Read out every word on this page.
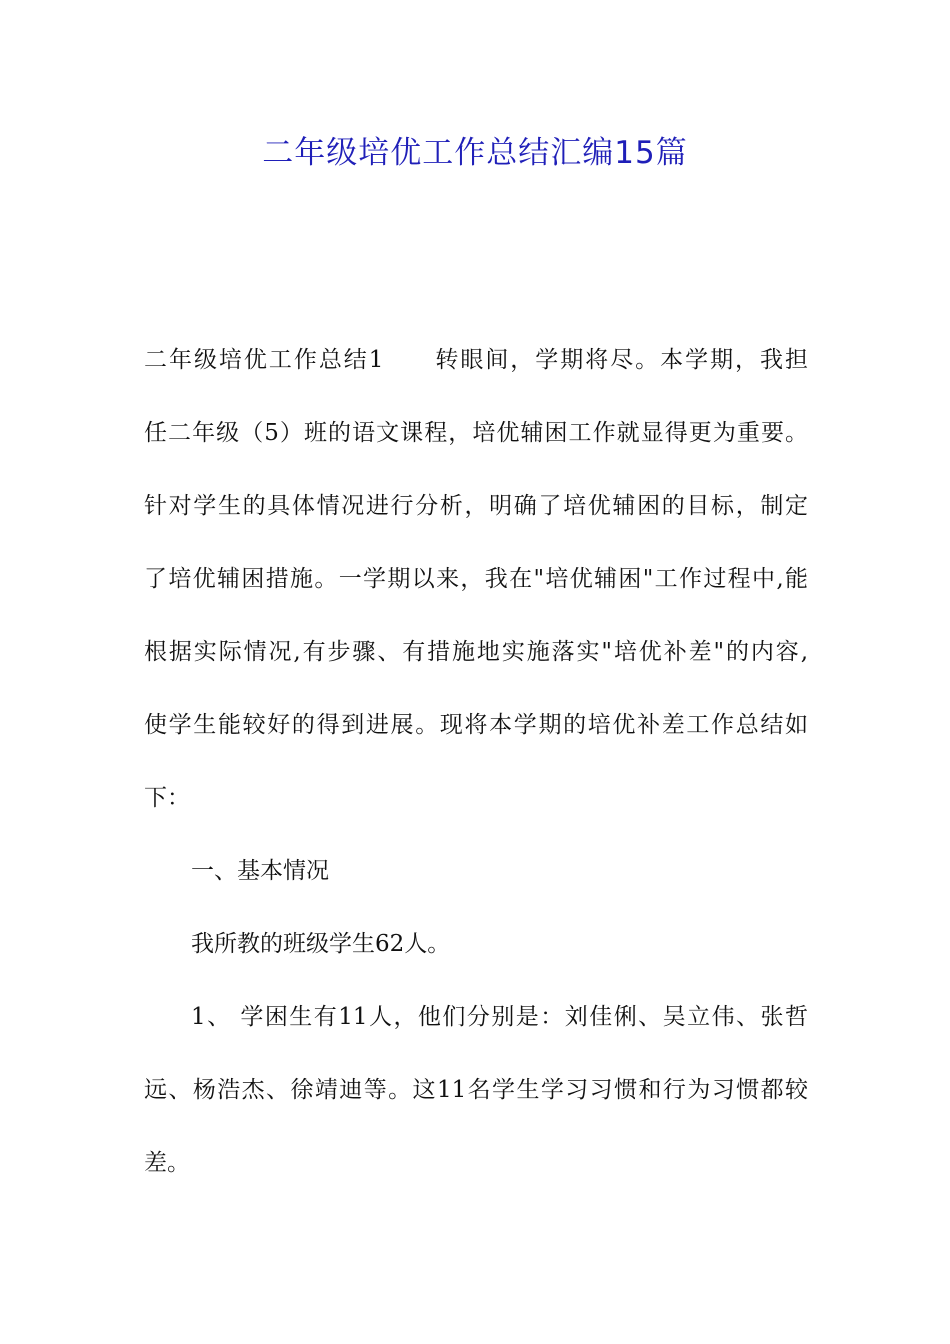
二年级培优工作总结汇编15篇
二年级培优工作总结1 转眼间，学期将尽。本学期，我担
任二年级（5）班的语文课程，培优辅困工作就显得更为重要。
针对学生的具体情况进行分析，明确了培优辅困的目标，制定
了培优辅困措施。一学期以来，我在"培优辅困"工作过程中,能
根据实际情况,有步骤、有措施地实施落实"培优补差"的内容,
使学生能较好的得到进展。现将本学期的培优补差工作总结如
下：
一、基本情况
我所教的班级学生62人。
1、 学困生有11人，他们分别是：刘佳俐、吴立伟、张哲
远、杨浩杰、徐靖迪等。这11名学生学习习惯和行为习惯都较
差。
